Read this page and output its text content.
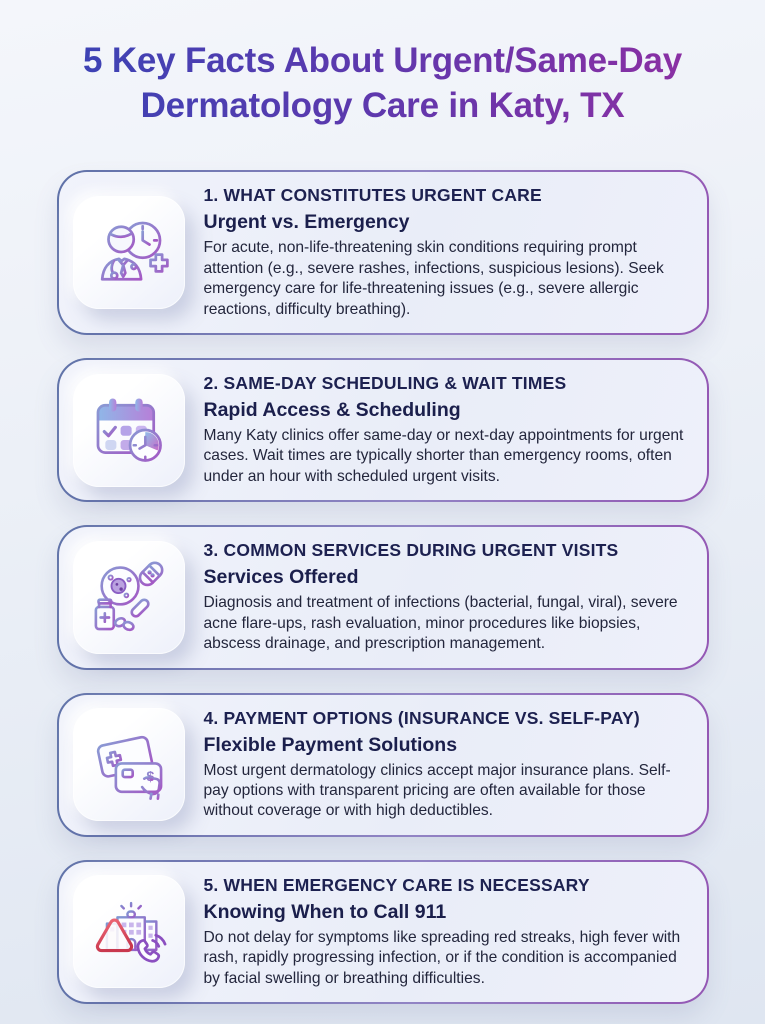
5 Key Facts About Urgent/Same-Day
Dermatology Care in Katy, TX
1. WHAT CONSTITUTES URGENT CARE
Urgent vs. Emergency

For acute, non-life-threatening skin conditions requiring prompt attention (e.g., severe rashes, infections, suspicious lesions). Seek emergency care for life-threatening issues (e.g., severe allergic reactions, difficulty breathing).

2. SAME-DAY SCHEDULING & WAIT TIMES
Rapid Access & Scheduling

Many Katy clinics offer same-day or next-day appointments for urgent cases. Wait times are typically shorter than emergency rooms, often under an hour with scheduled urgent visits.

3. COMMON SERVICES DURING URGENT VISITS
Services Offered

Diagnosis and treatment of infections (bacterial, fungal, viral), severe acne flare-ups, rash evaluation, minor procedures like biopsies, abscess drainage, and prescription management.

$
4. PAYMENT OPTIONS (INSURANCE VS. SELF-PAY)
Flexible Payment Solutions

Most urgent dermatology clinics accept major insurance plans. Self-pay options with transparent pricing are often available for those without coverage or with high deductibles.

5. WHEN EMERGENCY CARE IS NECESSARY
Knowing When to Call 911

Do not delay for symptoms like spreading red streaks, high fever with rash, rapidly progressing infection, or if the condition is accompanied by facial swelling or breathing difficulties.
